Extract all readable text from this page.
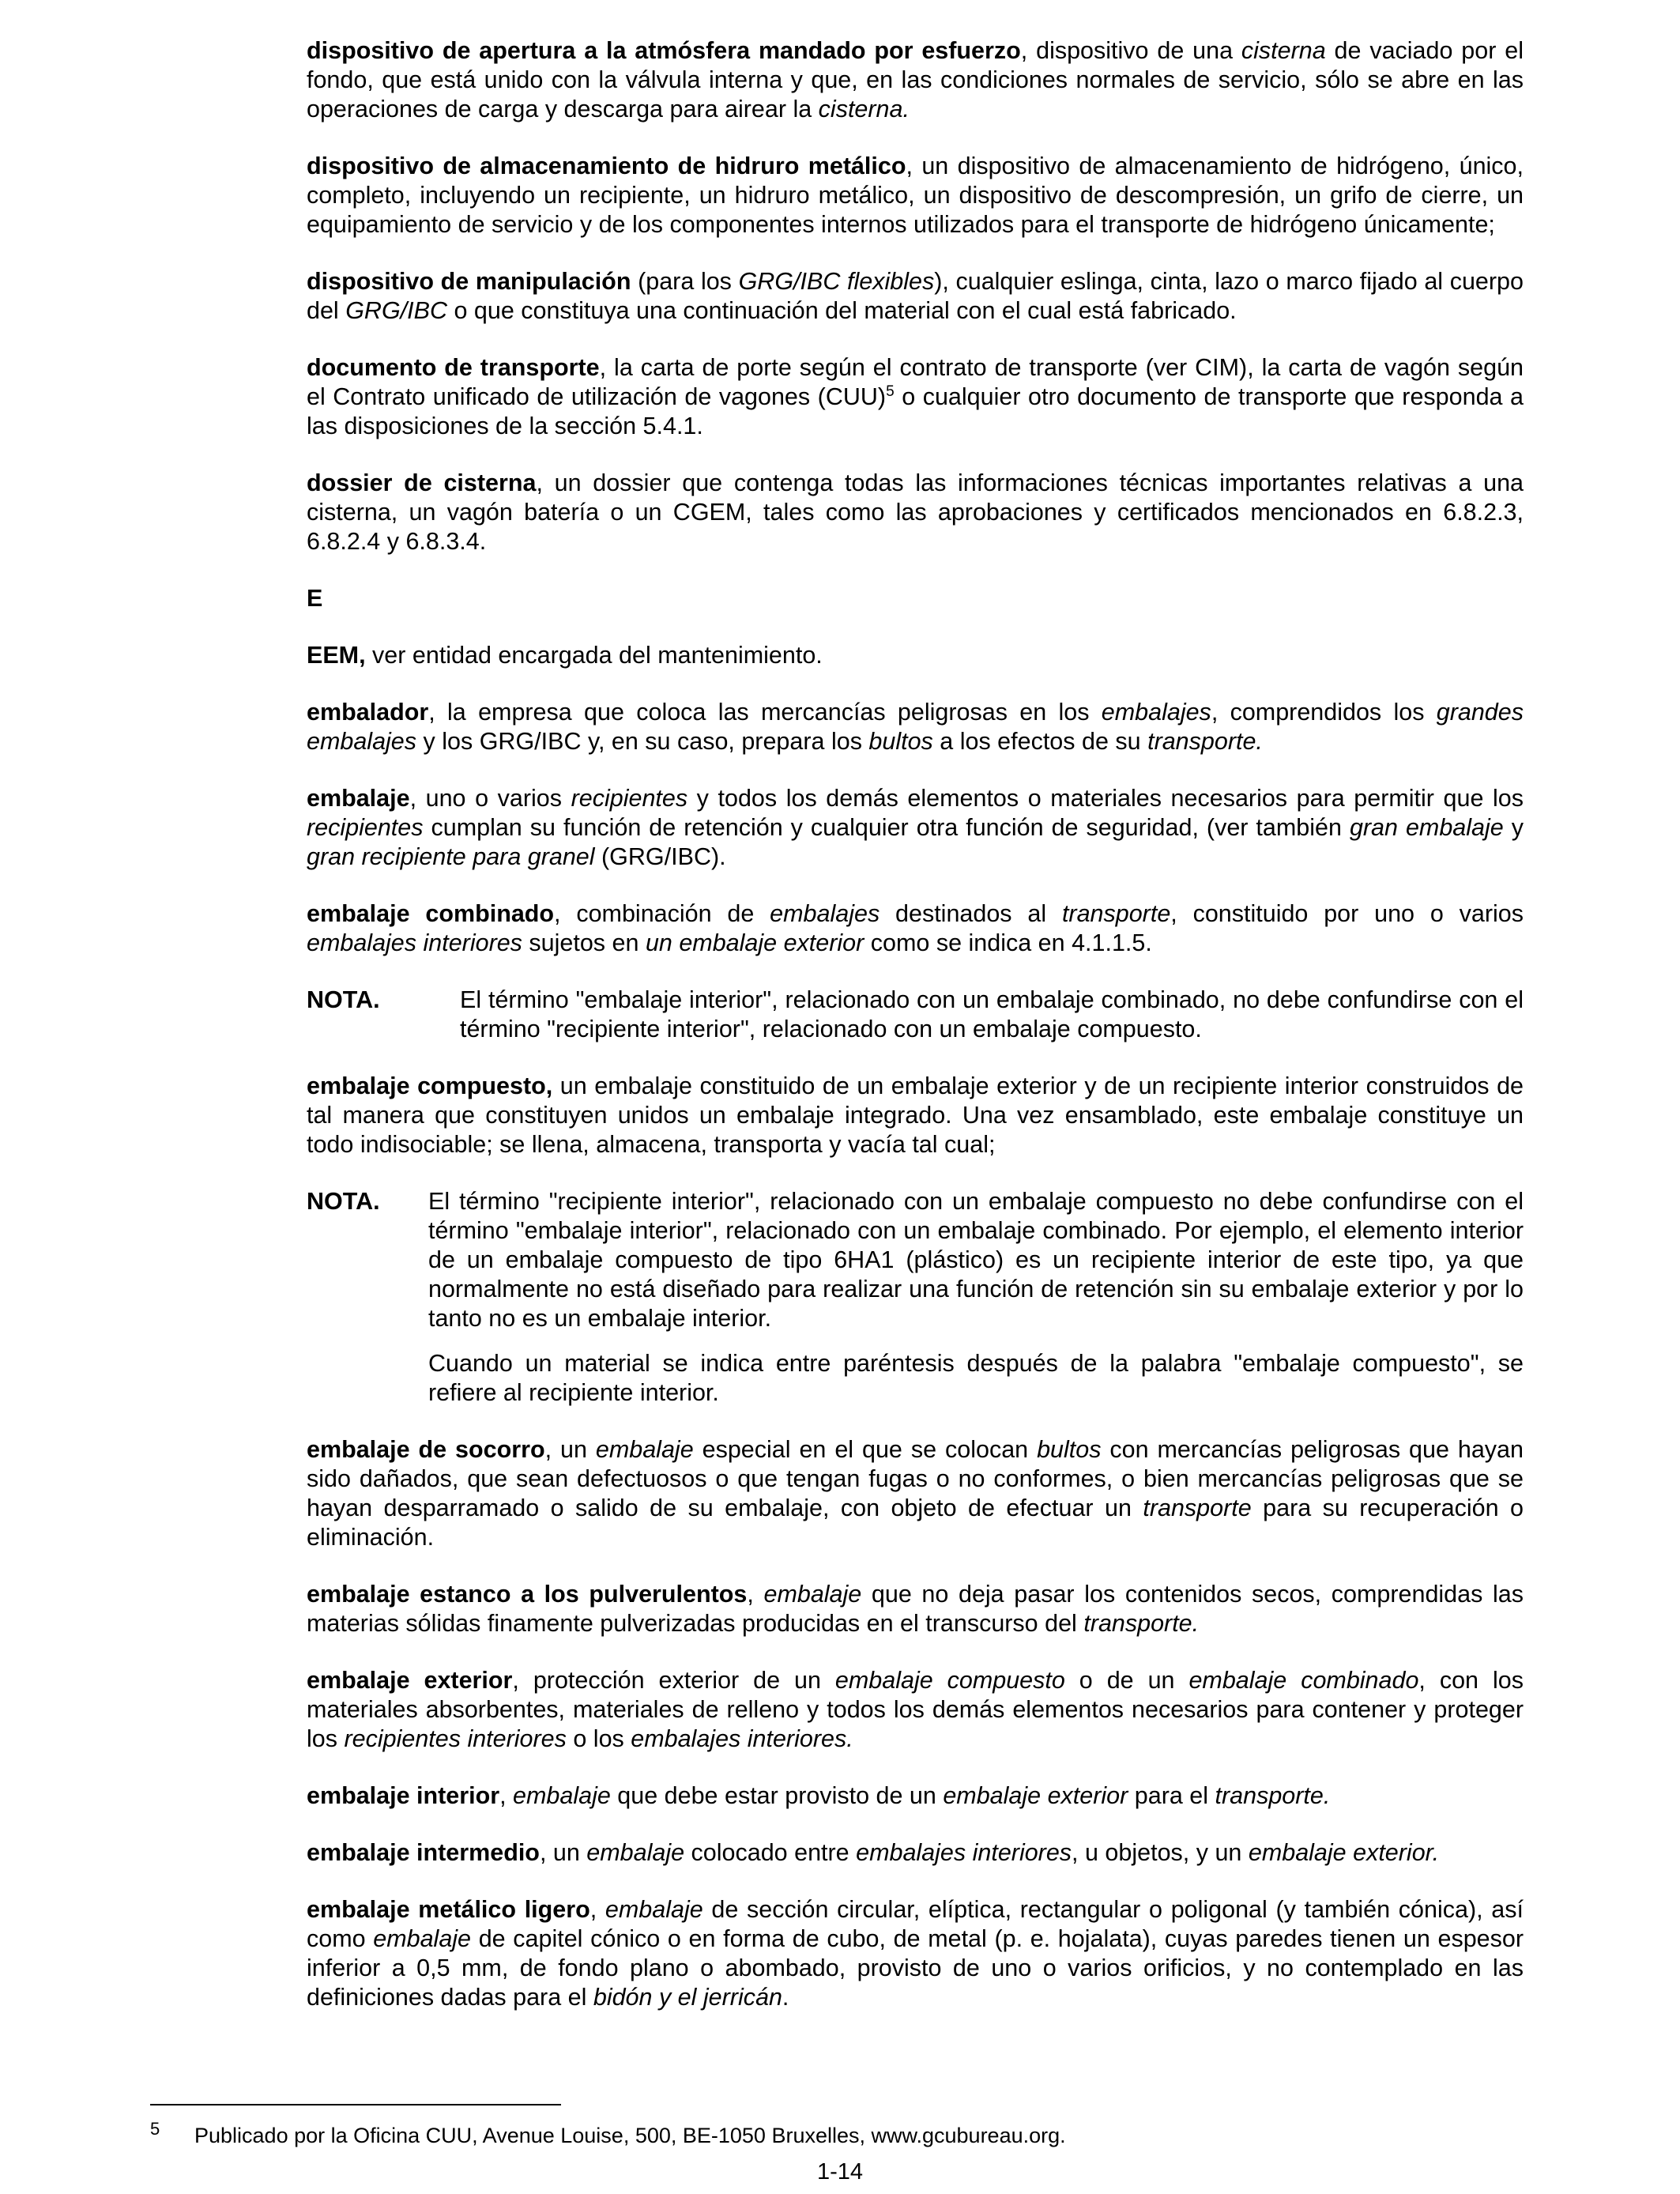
dispositivo de apertura a la atmósfera mandado por esfuerzo, dispositivo de una cisterna de vaciado por el fondo, que está unido con la válvula interna y que, en las condiciones normales de servicio, sólo se abre en las operaciones de carga y descarga para airear la cisterna.
dispositivo de almacenamiento de hidruro metálico, un dispositivo de almacenamiento de hidrógeno, único, completo, incluyendo un recipiente, un hidruro metálico, un dispositivo de descompresión, un grifo de cierre, un equipamiento de servicio y de los componentes internos utilizados para el transporte de hidrógeno únicamente;
dispositivo de manipulación (para los GRG/IBC flexibles), cualquier eslinga, cinta, lazo o marco fijado al cuerpo del GRG/IBC o que constituya una continuación del material con el cual está fabricado.
documento de transporte, la carta de porte según el contrato de transporte (ver CIM), la carta de vagón según el Contrato unificado de utilización de vagones (CUU)$^5$ o cualquier otro documento de transporte que responda a las disposiciones de la sección 5.4.1.
dossier de cisterna, un dossier que contenga todas las informaciones técnicas importantes relativas a una cisterna, un vagón batería o un CGEM, tales como las aprobaciones y certificados mencionados en 6.8.2.3, 6.8.2.4 y 6.8.3.4.
E
EEM, ver entidad encargada del mantenimiento.
embalador, la empresa que coloca las mercancías peligrosas en los embalajes, comprendidos los grandes embalajes y los GRG/IBC y, en su caso, prepara los bultos a los efectos de su transporte.
embalaje, uno o varios recipientes y todos los demás elementos o materiales necesarios para permitir que los recipientes cumplan su función de retención y cualquier otra función de seguridad, (ver también gran embalaje y gran recipiente para granel (GRG/IBC).
embalaje combinado, combinación de embalajes destinados al transporte, constituido por uno o varios embalajes interiores sujetos en un embalaje exterior como se indica en 4.1.1.5.
NOTA.	El término "embalaje interior", relacionado con un embalaje combinado, no debe confundirse con el término "recipiente interior", relacionado con un embalaje compuesto.
embalaje compuesto, un embalaje constituido de un embalaje exterior y de un recipiente interior construidos de tal manera que constituyen unidos un embalaje integrado. Una vez ensamblado, este embalaje constituye un todo indisociable; se llena, almacena, transporta y vacía tal cual;
NOTA.	El término "recipiente interior", relacionado con un embalaje compuesto no debe confundirse con el término "embalaje interior", relacionado con un embalaje combinado. Por ejemplo, el elemento interior de un embalaje compuesto de tipo 6HA1 (plástico) es un recipiente interior de este tipo, ya que normalmente no está diseñado para realizar una función de retención sin su embalaje exterior y por lo tanto no es un embalaje interior.
Cuando un material se indica entre paréntesis después de la palabra "embalaje compuesto", se refiere al recipiente interior.
embalaje de socorro, un embalaje especial en el que se colocan bultos con mercancías peligrosas que hayan sido dañados, que sean defectuosos o que tengan fugas o no conformes, o bien mercancías peligrosas que se hayan desparramado o salido de su embalaje, con objeto de efectuar un transporte para su recuperación o eliminación.
embalaje estanco a los pulverulentos, embalaje que no deja pasar los contenidos secos, comprendidas las materias sólidas finamente pulverizadas producidas en el transcurso del transporte.
embalaje exterior, protección exterior de un embalaje compuesto o de un embalaje combinado, con los materiales absorbentes, materiales de relleno y todos los demás elementos necesarios para contener y proteger los recipientes interiores o los embalajes interiores.
embalaje interior, embalaje que debe estar provisto de un embalaje exterior para el transporte.
embalaje intermedio, un embalaje colocado entre embalajes interiores, u objetos, y un embalaje exterior.
embalaje metálico ligero, embalaje de sección circular, elíptica, rectangular o poligonal (y también cónica), así como embalaje de capitel cónico o en forma de cubo, de metal (p. e. hojalata), cuyas paredes tienen un espesor inferior a 0,5 mm, de fondo plano o abombado, provisto de uno o varios orificios, y no contemplado en las definiciones dadas para el bidón y el jerricán.
5 Publicado por la Oficina CUU, Avenue Louise, 500, BE-1050 Bruxelles, www.gcubureau.org.
1-14
